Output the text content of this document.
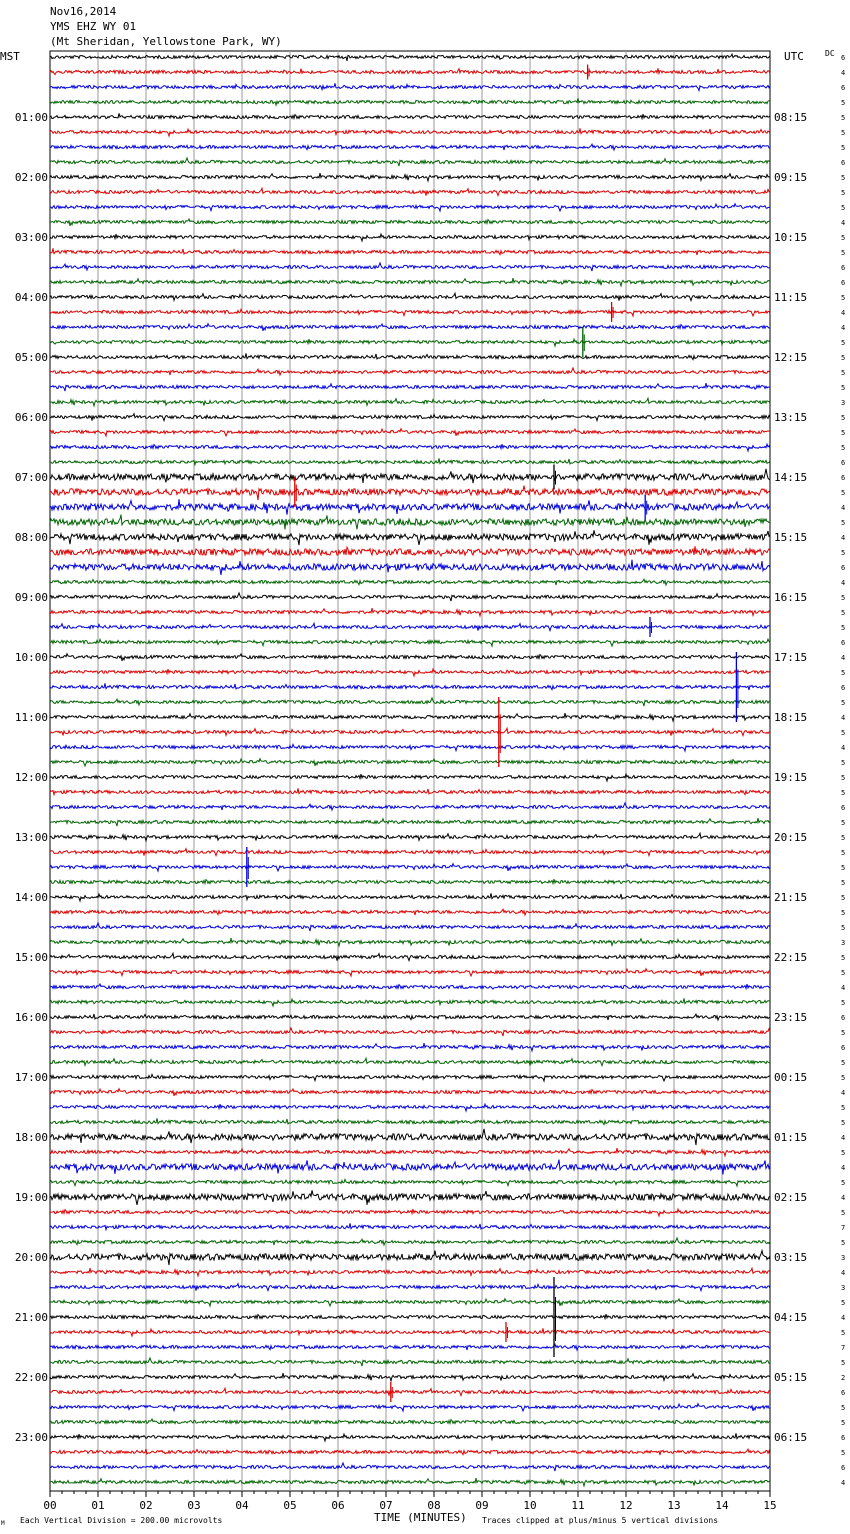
Nov16,2014
YMS EHZ WY 01
(Mt Sheridan, Yellowstone Park, WY)
MST	UTC	DC
00	01	02	03	04	05	06	07	08	09	10	11	12	13	14	15
6
4
6
5
01:00	08:15	5
5
5
6
02:00	09:15	5
5
5
4
03:00	10:15	5
5
6
6
04:00	11:15	5
4
4
5
05:00	12:15	5
5
5
3
06:00	13:15	5
5
5
6
07:00	14:15	6
5
4
5
08:00	15:15	4
5
6
4
09:00	16:15	5
5
5
6
10:00	17:15	4
5
6
5
11:00	18:15	4
5
4
5
12:00	19:15	5
5
6
5
13:00	20:15	5
5
5
5
14:00	21:15	5
5
5
3
15:00	22:15	5
5
4
5
16:00	23:15	6
5
6
5
17:00	00:15	5
4
5
5
18:00	01:15	4
5
4
5
19:00	02:15	4
5
7
5
20:00	03:15	3
4
3
5
21:00	04:15	4
5
7
5
22:00	05:15	2
6
5
5
23:00	06:15	6
5
6
4
TIME (MINUTES)
Each Vertical Division = 200.00 microvolts	Traces clipped at plus/minus 5 vertical divisions
M
